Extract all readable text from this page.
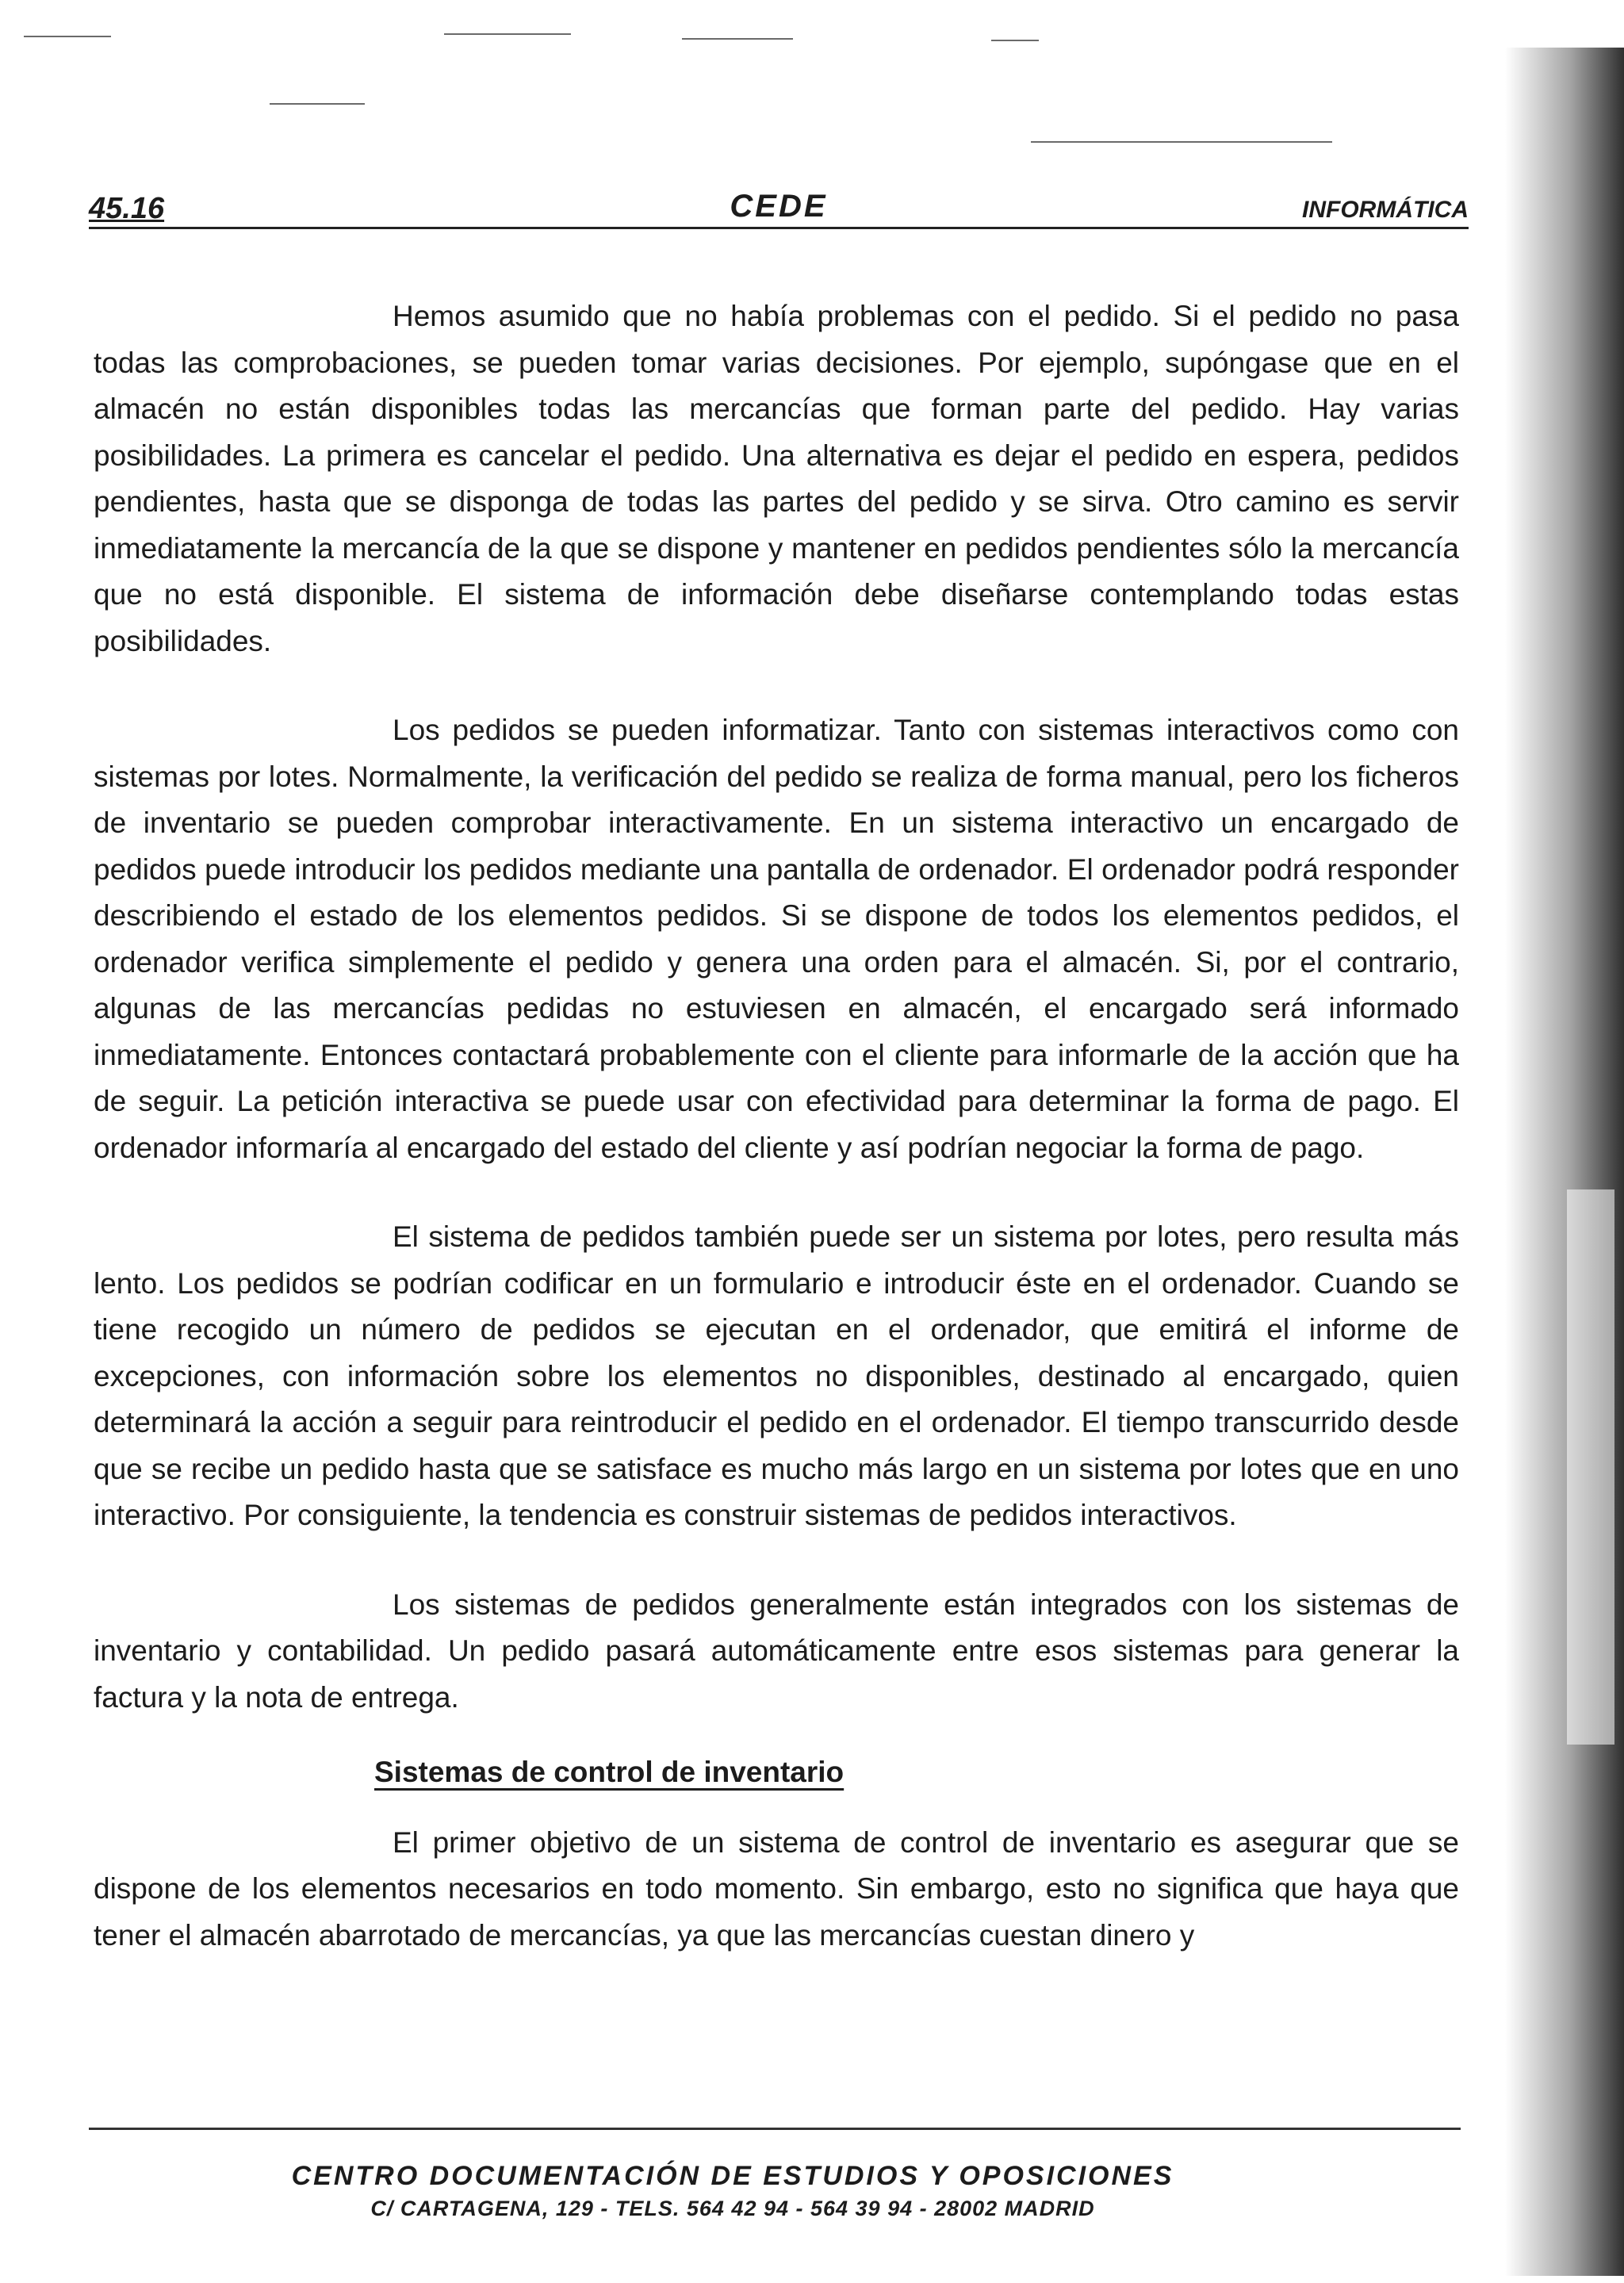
45.16	CEDE	INFORMÁTICA

Hemos asumido que no había problemas con el pedido. Si el pedido no pasa todas las comprobaciones, se pueden tomar varias decisiones. Por ejemplo, supóngase que en el almacén no están disponibles todas las mercancías que forman parte del pedido. Hay varias posibilidades. La primera es cancelar el pedido. Una alternativa es dejar el pedido en espera, pedidos pendientes, hasta que se disponga de todas las partes del pedido y se sirva. Otro camino es servir inmediatamente la mercancía de la que se dispone y mantener en pedidos pendientes sólo la mercancía que no está disponible. El sistema de información debe diseñarse contemplando todas estas posibilidades.

Los pedidos se pueden informatizar. Tanto con sistemas interactivos como con sistemas por lotes. Normalmente, la verificación del pedido se realiza de forma manual, pero los ficheros de inventario se pueden comprobar interactivamente. En un sistema interactivo un encargado de pedidos puede introducir los pedidos mediante una pantalla de ordenador. El ordenador podrá responder describiendo el estado de los elementos pedidos. Si se dispone de todos los elementos pedidos, el ordenador verifica simplemente el pedido y genera una orden para el almacén. Si, por el contrario, algunas de las mercancías pedidas no estuviesen en almacén, el encargado será informado inmediatamente. Entonces contactará probablemente con el cliente para informarle de la acción que ha de seguir. La petición interactiva se puede usar con efectividad para determinar la forma de pago. El ordenador informaría al encargado del estado del cliente y así podrían negociar la forma de pago.

El sistema de pedidos también puede ser un sistema por lotes, pero resulta más lento. Los pedidos se podrían codificar en un formulario e introducir éste en el ordenador. Cuando se tiene recogido un número de pedidos se ejecutan en el ordenador, que emitirá el informe de excepciones, con información sobre los elementos no disponibles, destinado al encargado, quien determinará la acción a seguir para reintroducir el pedido en el ordenador. El tiempo transcurrido desde que se recibe un pedido hasta que se satisface es mucho más largo en un sistema por lotes que en uno interactivo. Por consiguiente, la tendencia es construir sistemas de pedidos interactivos.

Los sistemas de pedidos generalmente están integrados con los sistemas de inventario y contabilidad. Un pedido pasará automáticamente entre esos sistemas para generar la factura y la nota de entrega.

Sistemas de control de inventario

El primer objetivo de un sistema de control de inventario es asegurar que se dispone de los elementos necesarios en todo momento. Sin embargo, esto no significa que haya que tener el almacén abarrotado de mercancías, ya que las mercancías cuestan dinero y

CENTRO DOCUMENTACIÓN DE ESTUDIOS Y OPOSICIONES
C/ CARTAGENA, 129 - TELS. 564 42 94 - 564 39 94 - 28002 MADRID
